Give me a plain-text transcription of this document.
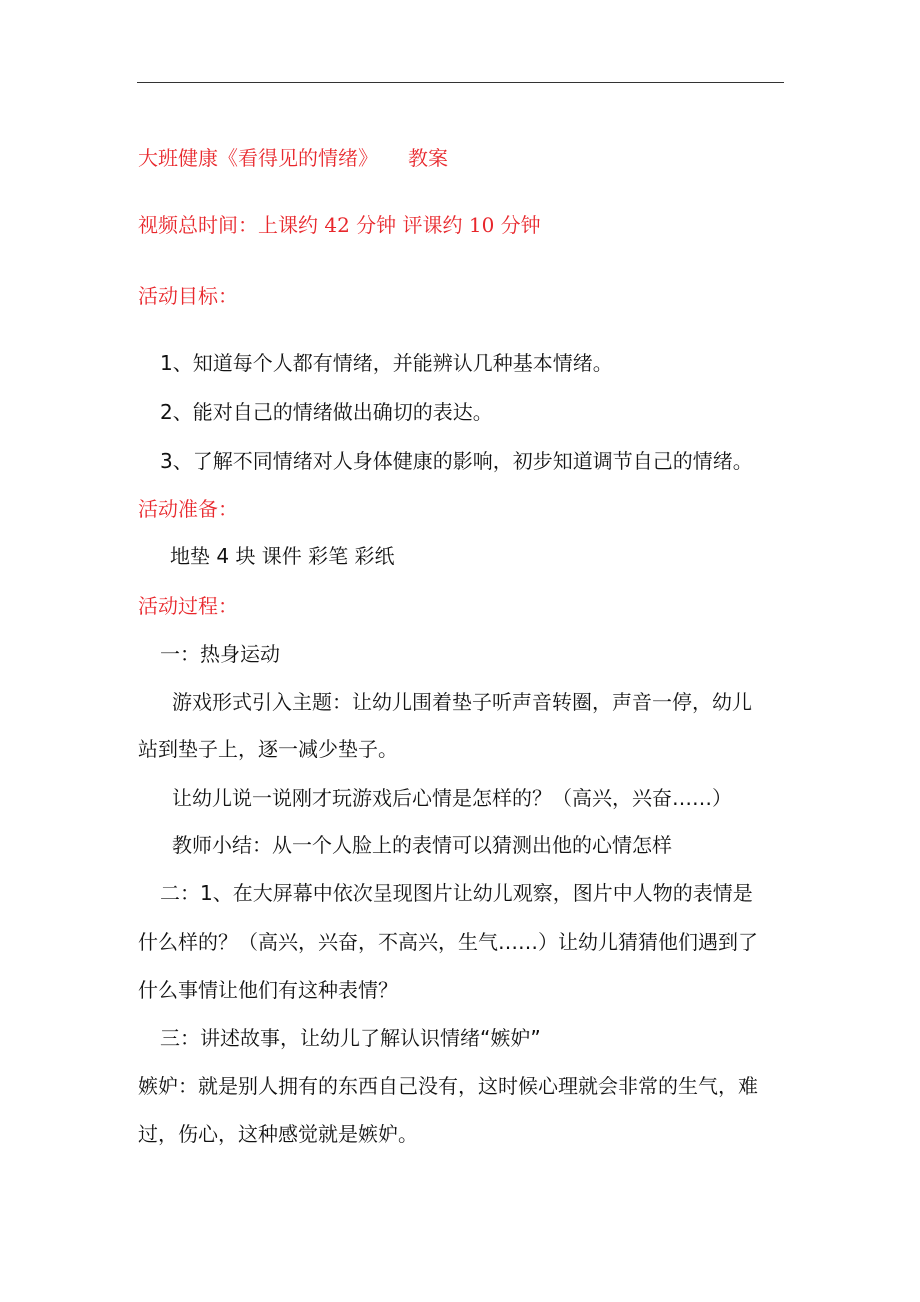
大班健康《看得见的情绪》 教案
视频总时间：上课约 42 分钟 评课约 10 分钟
活动目标：
1、知道每个人都有情绪，并能辨认几种基本情绪。
2、能对自己的情绪做出确切的表达。
3、了解不同情绪对人身体健康的影响，初步知道调节自己的情绪。
活动准备：
地垫 4 块 课件 彩笔 彩纸
活动过程：
一：热身运动
游戏形式引入主题：让幼儿围着垫子听声音转圈，声音一停，幼儿
站到垫子上，逐一减少垫子。
让幼儿说一说刚才玩游戏后心情是怎样的？（高兴，兴奋……）
教师小结：从一个人脸上的表情可以猜测出他的心情怎样
二：1、在大屏幕中依次呈现图片让幼儿观察，图片中人物的表情是
什么样的？（高兴，兴奋，不高兴，生气……）让幼儿猜猜他们遇到了
什么事情让他们有这种表情？
三：讲述故事，让幼儿了解认识情绪“嫉妒”
嫉妒：就是别人拥有的东西自己没有，这时候心理就会非常的生气，难
过，伤心，这种感觉就是嫉妒。
